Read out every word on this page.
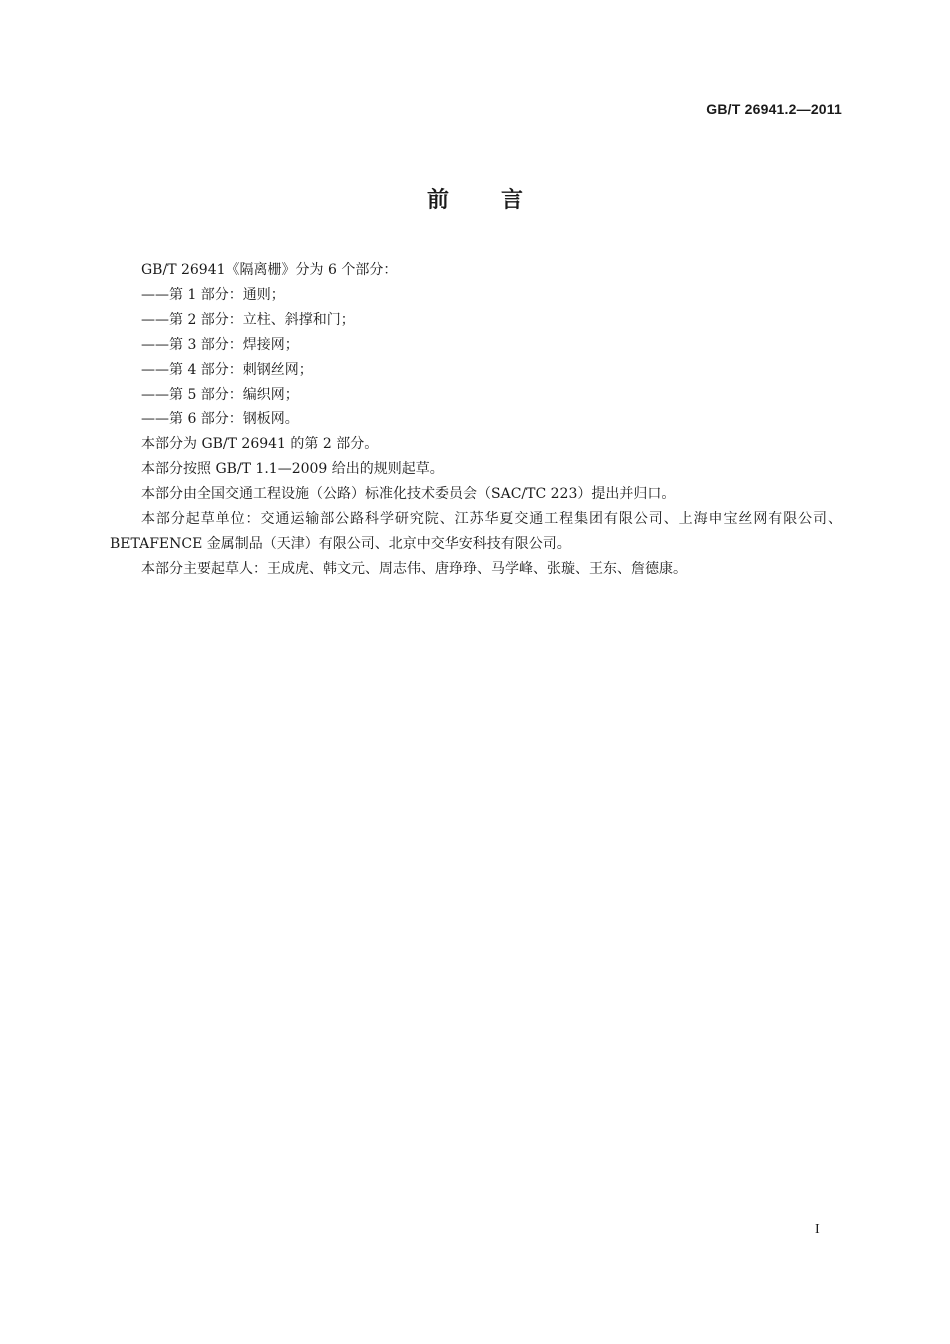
GB/T 26941.2—2011
前言

GB/T 26941《隔离栅》分为 6 个部分：

——第 1 部分：通则；

——第 2 部分：立柱、斜撑和门；

——第 3 部分：焊接网；

——第 4 部分：刺钢丝网；

——第 5 部分：编织网；

——第 6 部分：钢板网。

本部分为 GB/T 26941 的第 2 部分。

本部分按照 GB/T 1.1—2009 给出的规则起草。

本部分由全国交通工程设施（公路）标准化技术委员会（SAC/TC 223）提出并归口。

本部分起草单位：交通运输部公路科学研究院、江苏华夏交通工程集团有限公司、上海申宝丝网有限公司、BETAFENCE 金属制品（天津）有限公司、北京中交华安科技有限公司。

本部分主要起草人：王成虎、韩文元、周志伟、唐琤琤、马学峰、张璇、王东、詹德康。

I
